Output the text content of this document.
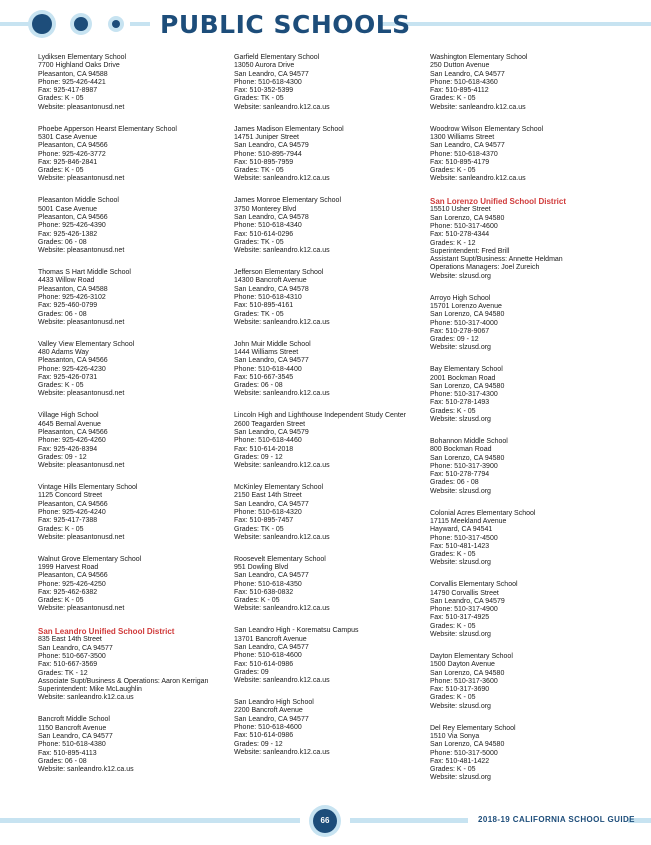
PUBLIC SCHOOLS
Lydiksen Elementary School
7700 Highland Oaks Drive
Pleasanton, CA 94588
Phone: 925-426-4421
Fax: 925-417-8987
Grades: K - 05
Website: pleasantonusd.net
Phoebe Apperson Hearst Elementary School
5301 Case Avenue
Pleasanton, CA 94566
Phone: 925-426-3772
Fax: 925-846-2841
Grades: K - 05
Website: pleasantonusd.net
Pleasanton Middle School
5001 Case Avenue
Pleasanton, CA 94566
Phone: 925-426-4390
Fax: 925-426-1382
Grades: 06 - 08
Website: pleasantonusd.net
Thomas S Hart Middle School
4433 Willow Road
Pleasanton, CA 94588
Phone: 925-426-3102
Fax: 925-460-0799
Grades: 06 - 08
Website: pleasantonusd.net
Valley View Elementary School
480 Adams Way
Pleasanton, CA 94566
Phone: 925-426-4230
Fax: 925-426-0731
Grades: K - 05
Website: pleasantonusd.net
Village High School
4645 Bernal Avenue
Pleasanton, CA 94566
Phone: 925-426-4260
Fax: 925-426-8394
Grades: 09 - 12
Website: pleasantonusd.net
Vintage Hills Elementary School
1125 Concord Street
Pleasanton, CA 94566
Phone: 925-426-4240
Fax: 925-417-7388
Grades: K - 05
Website: pleasantonusd.net
Walnut Grove Elementary School
1999 Harvest Road
Pleasanton, CA 94566
Phone: 925-426-4250
Fax: 925-462-6382
Grades: K - 05
Website: pleasantonusd.net
San Leandro Unified School District
835 East 14th Street
San Leandro, CA 94577
Phone: 510-667-3500
Fax: 510-667-3569
Grades: TK - 12
Associate Supt/Business & Operations: Aaron Kerrigan
Superintendent: Mike McLaughlin
Website: sanleandro.k12.ca.us
Bancroft Middle School
1150 Bancroft Avenue
San Leandro, CA 94577
Phone: 510-618-4380
Fax: 510-895-4113
Grades: 06 - 08
Website: sanleandro.k12.ca.us
Garfield Elementary School
13050 Aurora Drive
San Leandro, CA 94577
Phone: 510-618-4300
Fax: 510-352-5399
Grades: TK - 05
Website: sanleandro.k12.ca.us
James Madison Elementary School
14751 Juniper Street
San Leandro, CA 94579
Phone: 510-895-7944
Fax: 510-895-7959
Grades: TK - 05
Website: sanleandro.k12.ca.us
James Monroe Elementary School
3750 Monterey Blvd
San Leandro, CA 94578
Phone: 510-618-4340
Fax: 510-614-0296
Grades: TK - 05
Website: sanleandro.k12.ca.us
Jefferson Elementary School
14300 Bancroft Avenue
San Leandro, CA 94578
Phone: 510-618-4310
Fax: 510-895-4161
Grades: TK - 05
Website: sanleandro.k12.ca.us
John Muir Middle School
1444 Williams Street
San Leandro, CA 94577
Phone: 510-618-4400
Fax: 510-667-3545
Grades: 06 - 08
Website: sanleandro.k12.ca.us
Lincoln High and Lighthouse Independent Study Center
2600 Teagarden Street
San Leandro, CA 94579
Phone: 510-618-4460
Fax: 510-614-2018
Grades: 09 - 12
Website: sanleandro.k12.ca.us
McKinley Elementary School
2150 East 14th Street
San Leandro, CA 94577
Phone: 510-618-4320
Fax: 510-895-7457
Grades: TK - 05
Website: sanleandro.k12.ca.us
Roosevelt Elementary School
951 Dowling Blvd
San Leandro, CA 94577
Phone: 510-618-4350
Fax: 510-638-0832
Grades: K - 05
Website: sanleandro.k12.ca.us
San Leandro High - Korematsu Campus
13701 Bancroft Avenue
San Leandro, CA 94577
Phone: 510-618-4600
Fax: 510-614-0986
Grades: 09
Website: sanleandro.k12.ca.us
San Leandro High School
2200 Bancroft Avenue
San Leandro, CA 94577
Phone: 510-618-4600
Fax: 510-614-0986
Grades: 09 - 12
Website: sanleandro.k12.ca.us
Washington Elementary School
250 Dutton Avenue
San Leandro, CA 94577
Phone: 510-618-4360
Fax: 510-895-4112
Grades: K - 05
Website: sanleandro.k12.ca.us
Woodrow Wilson Elementary School
1300 Williams Street
San Leandro, CA 94577
Phone: 510-618-4370
Fax: 510-895-4179
Grades: K - 05
Website: sanleandro.k12.ca.us
San Lorenzo Unified School District
15510 Usher Street
San Lorenzo, CA 94580
Phone: 510-317-4600
Fax: 510-278-4344
Grades: K - 12
Superintendent: Fred Brill
Assistant Supt/Business: Annette Heldman
Operations Managers: Joel Zureich
Website: slzusd.org
Arroyo High School
15701 Lorenzo Avenue
San Lorenzo, CA 94580
Phone: 510-317-4000
Fax: 510-278-9067
Grades: 09 - 12
Website: slzusd.org
Bay Elementary School
2001 Bockman Road
San Lorenzo, CA 94580
Phone: 510-317-4300
Fax: 510-278-1493
Grades: K - 05
Website: slzusd.org
Bohannon Middle School
800 Bockman Road
San Lorenzo, CA 94580
Phone: 510-317-3900
Fax: 510-278-7794
Grades: 06 - 08
Website: slzusd.org
Colonial Acres Elementary School
17115 Meekland Avenue
Hayward, CA 94541
Phone: 510-317-4500
Fax: 510-481-1423
Grades: K - 05
Website: slzusd.org
Corvallis Elementary School
14790 Corvallis Street
San Leandro, CA 94579
Phone: 510-317-4900
Fax: 510-317-4925
Grades: K - 05
Website: slzusd.org
Dayton Elementary School
1500 Dayton Avenue
San Lorenzo, CA 94580
Phone: 510-317-3600
Fax: 510-317-3690
Grades: K - 05
Website: slzusd.org
Del Rey Elementary School
1510 Via Sonya
San Lorenzo, CA 94580
Phone: 510-317-5000
Fax: 510-481-1422
Grades: K - 05
Website: slzusd.org
66	2018-19 CALIFORNIA SCHOOL GUIDE
